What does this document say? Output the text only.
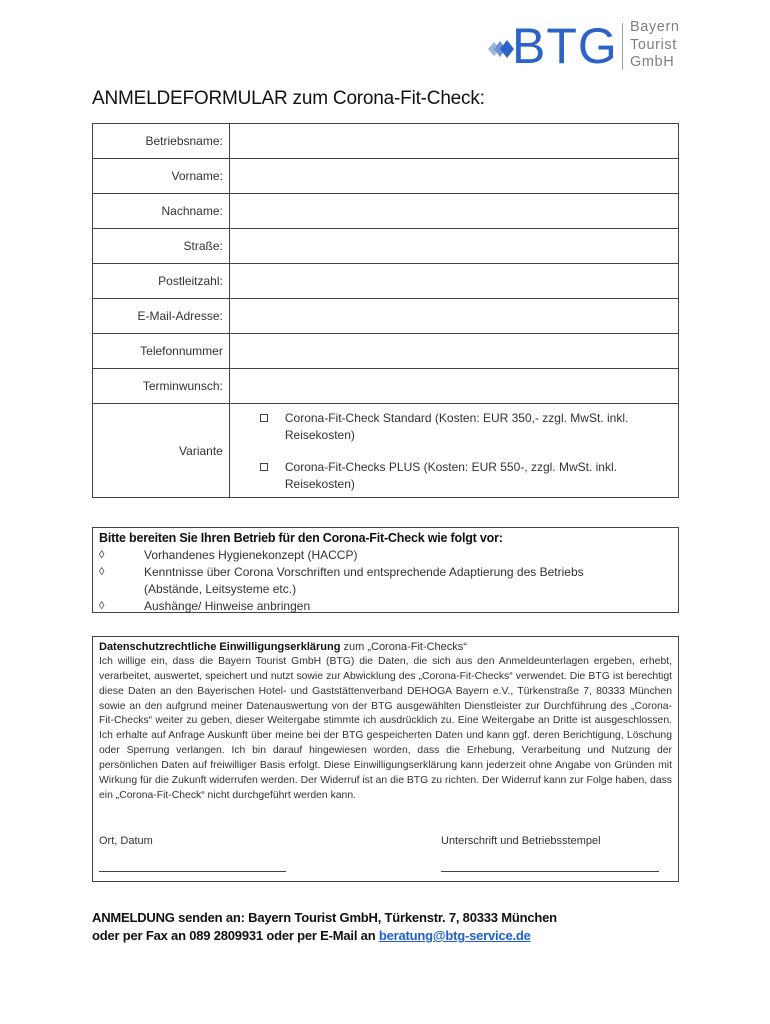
BTG Bayern
Tourist
GmbH
ANMELDEFORMULAR zum Corona-Fit-Check:
Betriebsname:	
Vorname:	
Nachname:	
Straße:	
Postleitzahl:	
E-Mail-Adresse:	
Telefonnummer	
Terminwunsch:	
Variante	Corona-Fit-Check Standard (Kosten: EUR 350,- zzgl. MwSt. inkl.
Reisekosten)
Corona-Fit-Checks PLUS (Kosten: EUR 550-, zzgl. MwSt. inkl.
Reisekosten)
Bitte bereiten Sie Ihren Betrieb für den Corona-Fit-Check wie folgt vor:
◊	Vorhandenes Hygienekonzept (HACCP)
◊	Kenntnisse über Corona Vorschriften und entsprechende Adaptierung des Betriebs
(Abstände, Leitsysteme etc.)
◊	Aushänge/ Hinweise anbringen
Datenschutzrechtliche Einwilligungserklärung zum „Corona-Fit-Checks“
Ich willige ein, dass die Bayern Tourist GmbH (BTG) die Daten, die sich aus den Anmeldeunterlagen ergeben, erhebt, verarbeitet, auswertet, speichert und nutzt sowie zur Abwicklung des „Corona-Fit-Checks“ verwendet. Die BTG ist berechtigt diese Daten an den Bayerischen Hotel- und Gaststättenverband DEHOGA Bayern e.V., Türkenstraße 7, 80333 München sowie an den aufgrund meiner Datenauswertung von der BTG ausgewählten Dienstleister zur Durchführung des „Corona-Fit-Checks“ weiter zu geben, dieser Weitergabe stimmte ich ausdrücklich zu. Eine Weitergabe an Dritte ist ausgeschlossen. Ich erhalte auf Anfrage Auskunft über meine bei der BTG gespeicherten Daten und kann ggf. deren Berichtigung, Löschung oder Sperrung verlangen. Ich bin darauf hingewiesen worden, dass die Erhebung, Verarbeitung und Nutzung der persönlichen Daten auf freiwilliger Basis erfolgt. Diese Einwilligungserklärung kann jederzeit ohne Angabe von Gründen mit Wirkung für die Zukunft widerrufen werden. Der Widerruf ist an die BTG zu richten. Der Widerruf kann zur Folge haben, dass ein „Corona-Fit-Check“ nicht durchgeführt werden kann.
Ort, Datum	Unterschrift und Betriebsstempel
ANMELDUNG senden an: Bayern Tourist GmbH, Türkenstr. 7, 80333 München
oder per Fax an 089 2809931 oder per E-Mail an beratung@btg-service.de
